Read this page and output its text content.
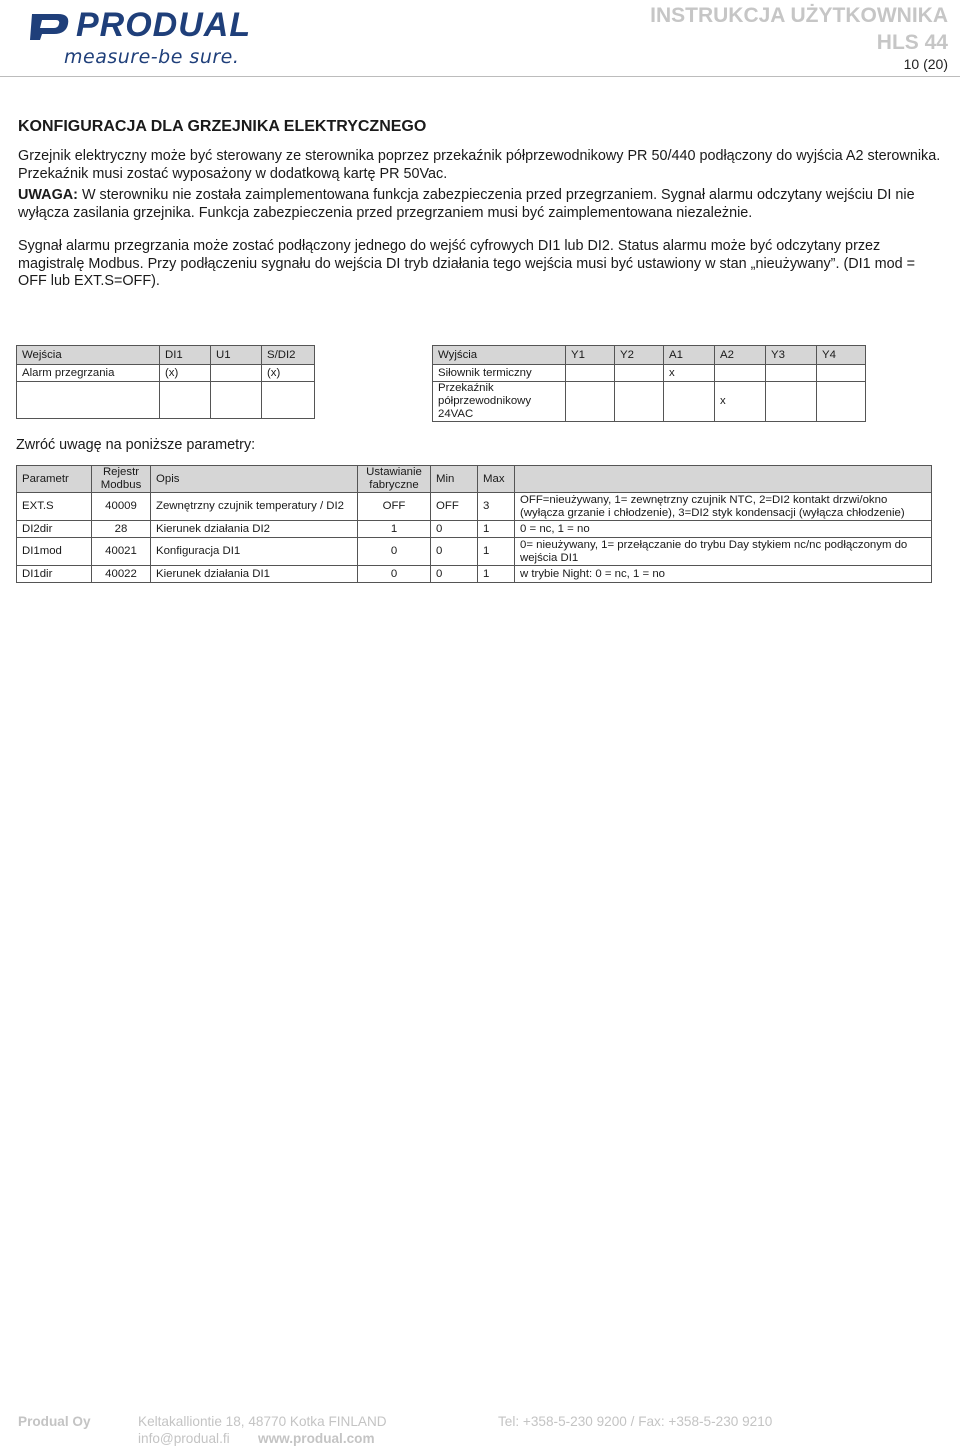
PRODUAL
measure-be sure.
INSTRUKCJA UŻYTKOWNIKA
HLS 44
10 (20)
KONFIGURACJA DLA GRZEJNIKA ELEKTRYCZNEGO
Grzejnik elektryczny może być sterowany ze sterownika poprzez przekaźnik półprzewodnikowy PR 50/440 podłączony do wyjścia A2 sterownika. Przekaźnik musi zostać wyposażony w dodatkową kartę PR 50Vac.
UWAGA: W sterowniku nie została zaimplementowana funkcja zabezpieczenia przed przegrzaniem. Sygnał alarmu odczytany wejściu DI nie wyłącza zasilania grzejnika. Funkcja zabezpieczenia przed przegrzaniem musi być zaimplementowana niezależnie.
Sygnał alarmu przegrzania może zostać podłączony jednego do wejść cyfrowych DI1 lub DI2. Status alarmu może być odczytany przez magistralę Modbus. Przy podłączeniu sygnału do wejścia DI tryb działania tego wejścia musi być ustawiony w stan „nieużywany”. (DI1 mod = OFF lub EXT.S=OFF).
Wejścia	DI1	U1	S/DI2
Alarm przegrzania	(x)		(x)

Wyjścia	Y1	Y2	A1	A2	Y3	Y4
Siłownik termiczny			x			
Przekaźnik półprzewodnikowy 24VAC				x		
Zwróć uwagę na poniższe parametry:
Parametr	Rejestr Modbus	Opis	Ustawianie fabryczne	Min	Max	
EXT.S	40009	Zewnętrzny czujnik temperatury / DI2	OFF	OFF	3	OFF=nieużywany, 1= zewnętrzny czujnik NTC, 2=DI2 kontakt drzwi/okno (wyłącza grzanie i chłodzenie), 3=DI2 styk kondensacji (wyłącza chłodzenie)
DI2dir	28	Kierunek działania DI2	1	0	1	0 = nc, 1 = no
DI1mod	40021	Konfiguracja DI1	0	0	1	0= nieużywany, 1= przełączanie do trybu Day stykiem nc/nc podłączonym do wejścia DI1
DI1dir	40022	Kierunek działania DI1	0	0	1	w trybie Night: 0 = nc, 1 = no
Produal Oy	Keltakalliontie 18, 48770 Kotka FINLAND	Tel: +358-5-230 9200 / Fax: +358-5-230 9210
info@produal.fi www.produal.com
